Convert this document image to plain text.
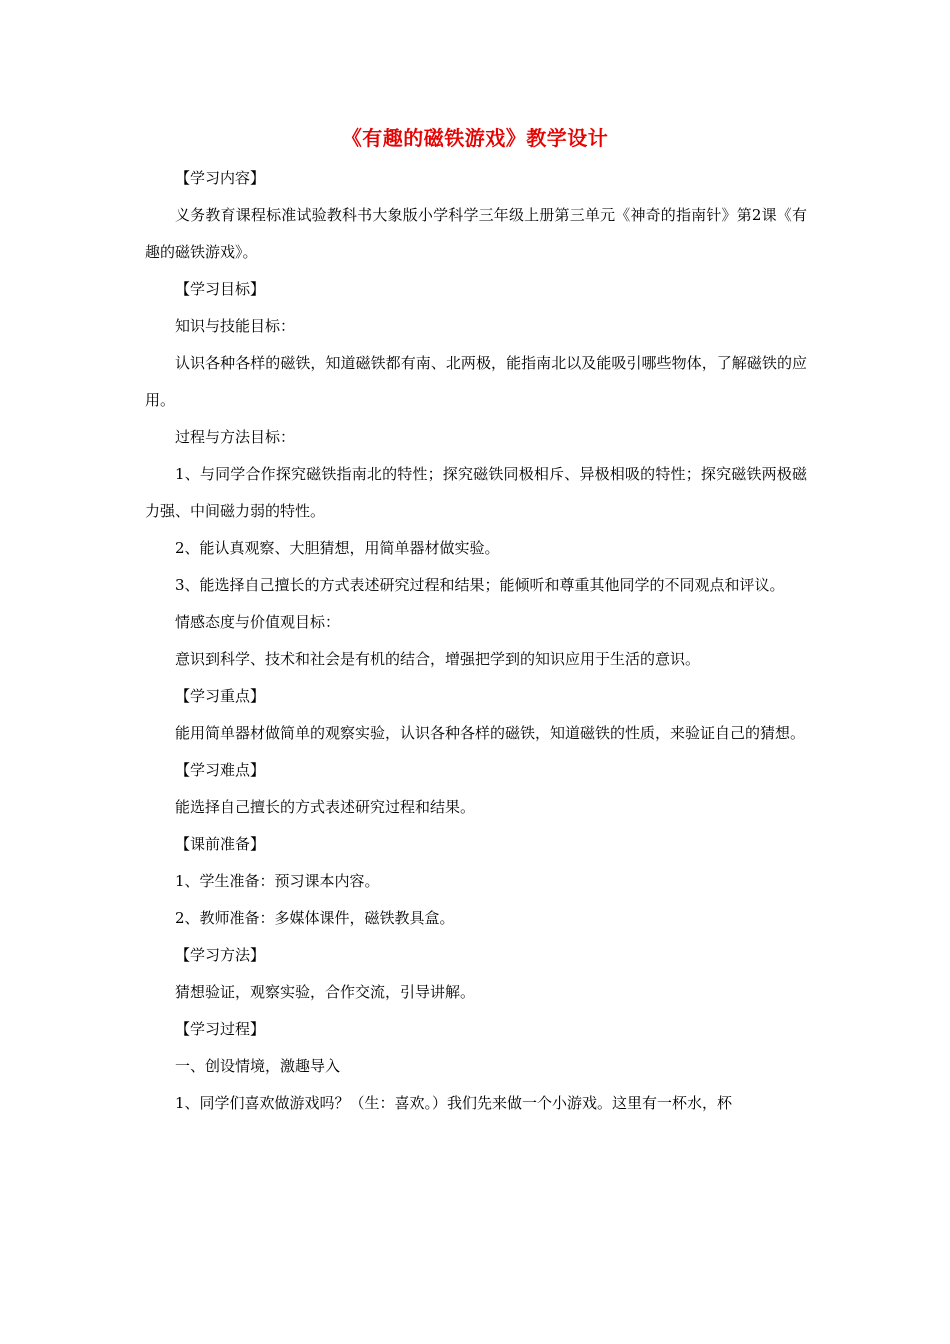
《有趣的磁铁游戏》教学设计

【学习内容】

义务教育课程标准试验教科书大象版小学科学三年级上册第三单元《神奇的指南针》第2课《有趣的磁铁游戏》。

【学习目标】

知识与技能目标：

认识各种各样的磁铁，知道磁铁都有南、北两极，能指南北以及能吸引哪些物体，了解磁铁的应用。

过程与方法目标：

1、与同学合作探究磁铁指南北的特性；探究磁铁同极相斥、异极相吸的特性；探究磁铁两极磁力强、中间磁力弱的特性。

2、能认真观察、大胆猜想，用简单器材做实验。

3、能选择自己擅长的方式表述研究过程和结果；能倾听和尊重其他同学的不同观点和评议。

情感态度与价值观目标：

意识到科学、技术和社会是有机的结合，增强把学到的知识应用于生活的意识。

【学习重点】

能用简单器材做简单的观察实验，认识各种各样的磁铁，知道磁铁的性质，来验证自己的猜想。

【学习难点】

能选择自己擅长的方式表述研究过程和结果。

【课前准备】

1、学生准备：预习课本内容。

2、教师准备：多媒体课件，磁铁教具盒。

【学习方法】

猜想验证，观察实验，合作交流，引导讲解。

【学习过程】

一、创设情境，激趣导入

1、同学们喜欢做游戏吗？（生：喜欢。）我们先来做一个小游戏。这里有一杯水，杯
